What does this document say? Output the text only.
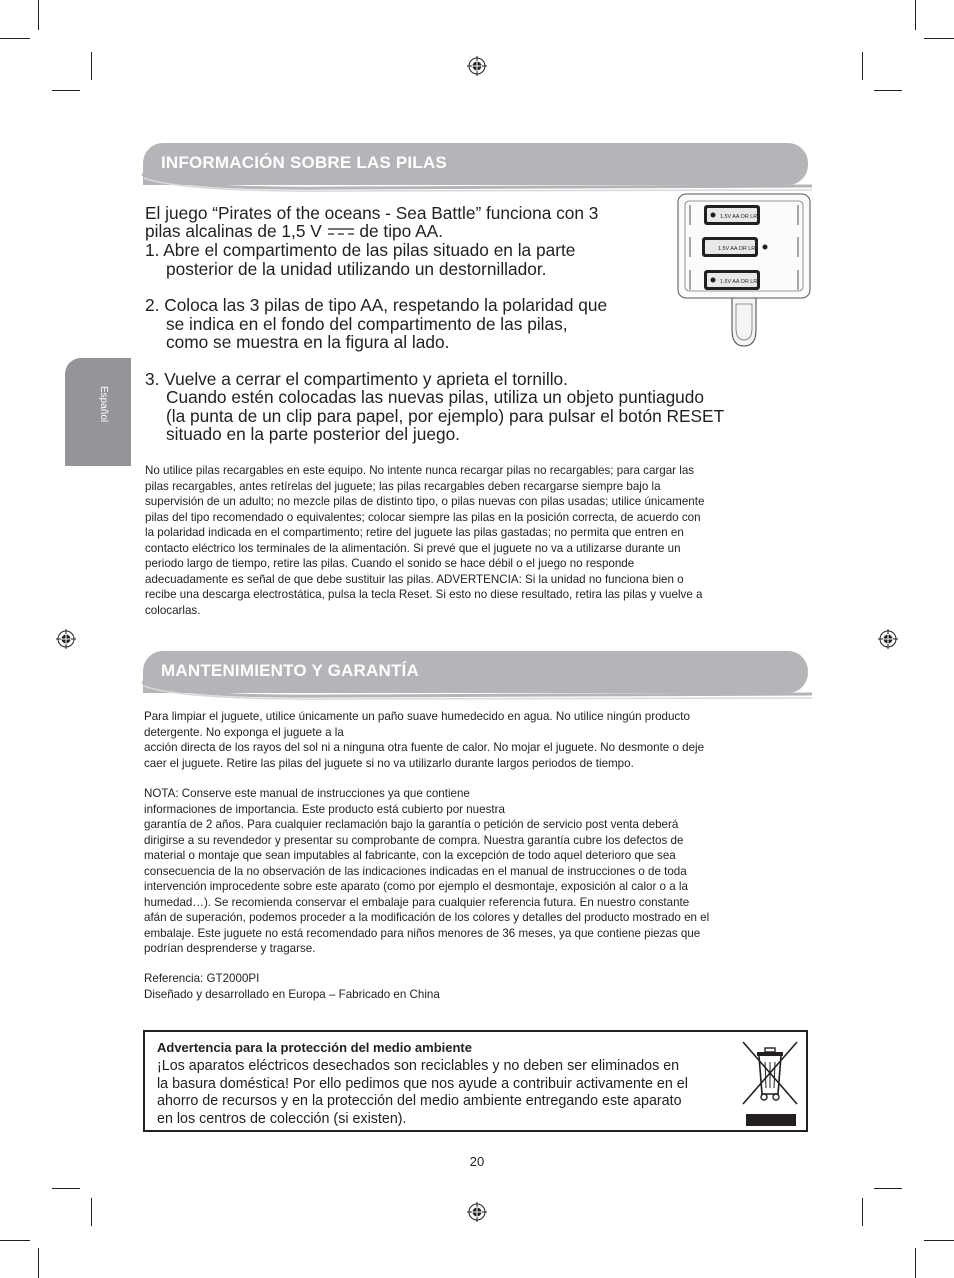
Español
INFORMACIÓN SOBRE LAS PILAS

El juego “Pirates of the oceans - Sea Battle” funciona con 3

pilas alcalinas de 1,5 V de tipo AA.

1. Abre el compartimento de las pilas situado en la parte

posterior de la unidad utilizando un destornillador.

2. Coloca las 3 pilas de tipo AA, respetando la polaridad que

se indica en el fondo del compartimento de las pilas,

como se muestra en la figura al lado.

3. Vuelve a cerrar el compartimento y aprieta el tornillo.

Cuando estén colocadas las nuevas pilas, utiliza un objeto puntiagudo

(la punta de un clip para papel, por ejemplo) para pulsar el botón RESET

situado en la parte posterior del juego.

1.5V AA OR LR6
1.5V AA OR LR6
1.5V AA OR LR6

No utilice pilas recargables en este equipo. No intente nunca recargar pilas no recargables; para cargar las

pilas recargables, antes retírelas del juguete; las pilas recargables deben recargarse siempre bajo la

supervisión de un adulto; no mezcle pilas de distinto tipo, o pilas nuevas con pilas usadas; utilice únicamente

pilas del tipo recomendado o equivalentes; colocar siempre las pilas en la posición correcta, de acuerdo con

la polaridad indicada en el compartimento; retire del juguete las pilas gastadas; no permita que entren en

contacto eléctrico los terminales de la alimentación. Si prevé que el juguete no va a utilizarse durante un

periodo largo de tiempo, retire las pilas. Cuando el sonido se hace débil o el juego no responde

adecuadamente es señal de que debe sustituir las pilas. ADVERTENCIA: Si la unidad no funciona bien o

recibe una descarga electrostática, pulsa la tecla Reset. Si esto no diese resultado, retira las pilas y vuelve a

colocarlas.

MANTENIMIENTO Y GARANTÍA

Para limpiar el juguete, utilice únicamente un paño suave humedecido en agua. No utilice ningún producto

detergente. No exponga el juguete a la

acción directa de los rayos del sol ni a ninguna otra fuente de calor. No mojar el juguete. No desmonte o deje

caer el juguete. Retire las pilas del juguete si no va utilizarlo durante largos periodos de tiempo.

NOTA: Conserve este manual de instrucciones ya que contiene

informaciones de importancia. Este producto está cubierto por nuestra

garantía de 2 años. Para cualquier reclamación bajo la garantía o petición de servicio post venta deberá

dirigirse a su revendedor y presentar su comprobante de compra. Nuestra garantía cubre los defectos de

material o montaje que sean imputables al fabricante, con la excepción de todo aquel deterioro que sea

consecuencia de la no observación de las indicaciones indicadas en el manual de instrucciones o de toda

intervención improcedente sobre este aparato (como por ejemplo el desmontaje, exposición al calor o a la

humedad…). Se recomienda conservar el embalaje para cualquier referencia futura. En nuestro constante

afán de superación, podemos proceder a la modificación de los colores y detalles del producto mostrado en el

embalaje. Este juguete no está recomendado para niños menores de 36 meses, ya que contiene piezas que

podrían desprenderse y tragarse.

Referencia: GT2000PI

Diseñado y desarrollado en Europa – Fabricado en China

Advertencia para la protección del medio ambiente

¡Los aparatos eléctricos desechados son reciclables y no deben ser eliminados en

la basura doméstica! Por ello pedimos que nos ayude a contribuir activamente en el

ahorro de recursos y en la protección del medio ambiente entregando este aparato

en los centros de colección (si existen).

20
